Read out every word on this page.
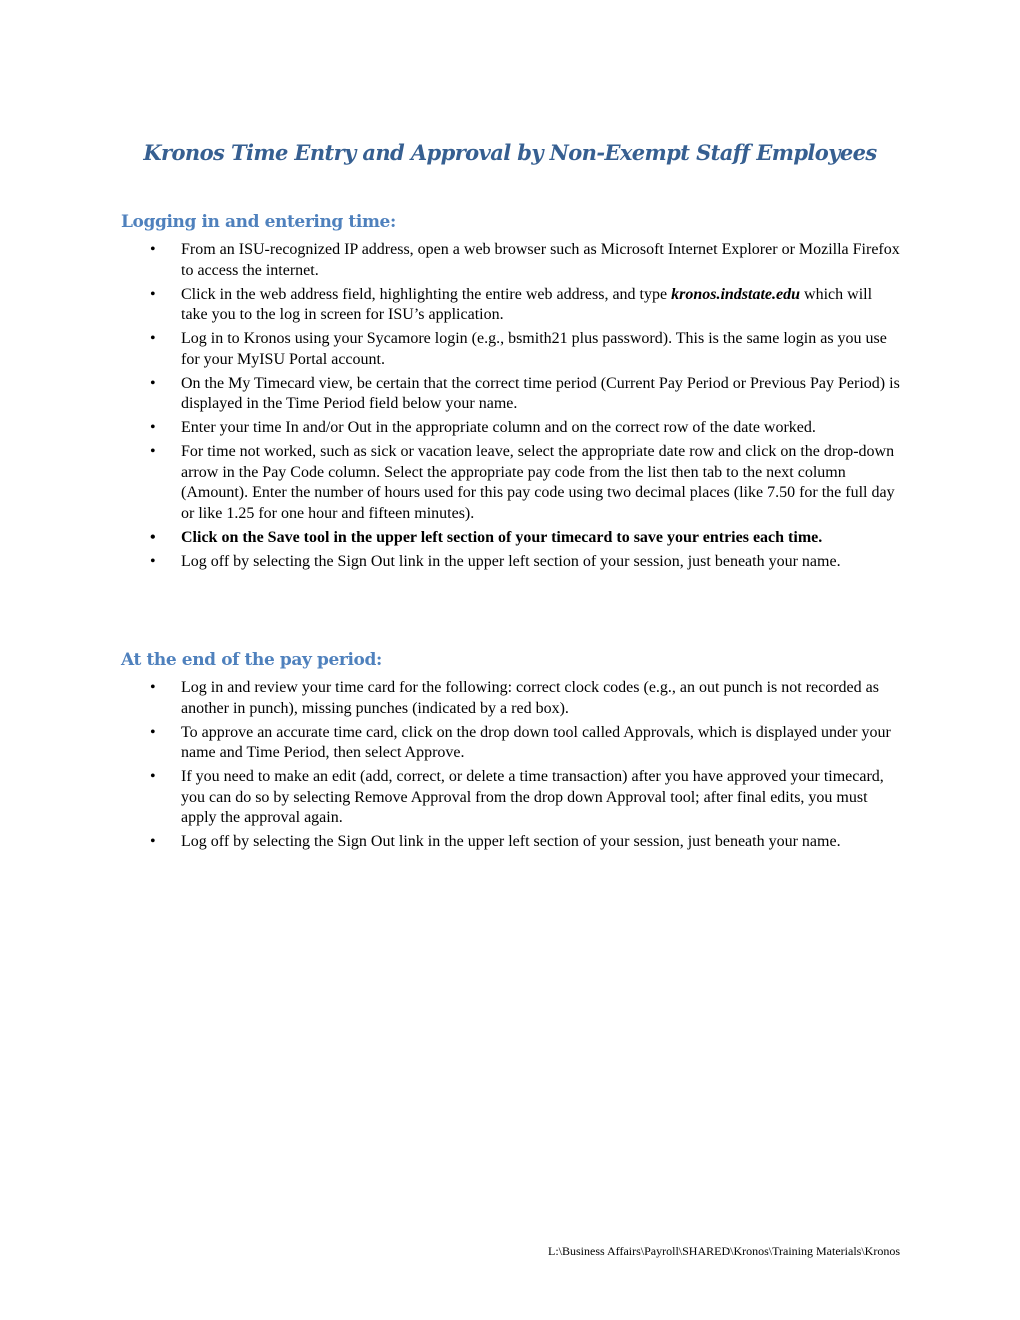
Kronos Time Entry and Approval by Non-Exempt Staff Employees
Logging in and entering time:
• From an ISU-recognized IP address, open a web browser such as Microsoft Internet Explorer or Mozilla Firefox to access the internet.
• Click in the web address field, highlighting the entire web address, and type kronos.indstate.edu which will take you to the log in screen for ISU’s application.
• Log in to Kronos using your Sycamore login (e.g., bsmith21 plus password). This is the same login as you use for your MyISU Portal account.
• On the My Timecard view, be certain that the correct time period (Current Pay Period or Previous Pay Period) is displayed in the Time Period field below your name.
• Enter your time In and/or Out in the appropriate column and on the correct row of the date worked.
• For time not worked, such as sick or vacation leave, select the appropriate date row and click on the drop-down arrow in the Pay Code column. Select the appropriate pay code from the list then tab to the next column (Amount). Enter the number of hours used for this pay code using two decimal places (like 7.50 for the full day or like 1.25 for one hour and fifteen minutes).
• Click on the Save tool in the upper left section of your timecard to save your entries each time.
• Log off by selecting the Sign Out link in the upper left section of your session, just beneath your name.
At the end of the pay period:
• Log in and review your time card for the following: correct clock codes (e.g., an out punch is not recorded as another in punch), missing punches (indicated by a red box).
• To approve an accurate time card, click on the drop down tool called Approvals, which is displayed under your name and Time Period, then select Approve.
• If you need to make an edit (add, correct, or delete a time transaction) after you have approved your timecard, you can do so by selecting Remove Approval from the drop down Approval tool; after final edits, you must apply the approval again.
• Log off by selecting the Sign Out link in the upper left section of your session, just beneath your name.
L:\Business Affairs\Payroll\SHARED\Kronos\Training Materials\Kronos
